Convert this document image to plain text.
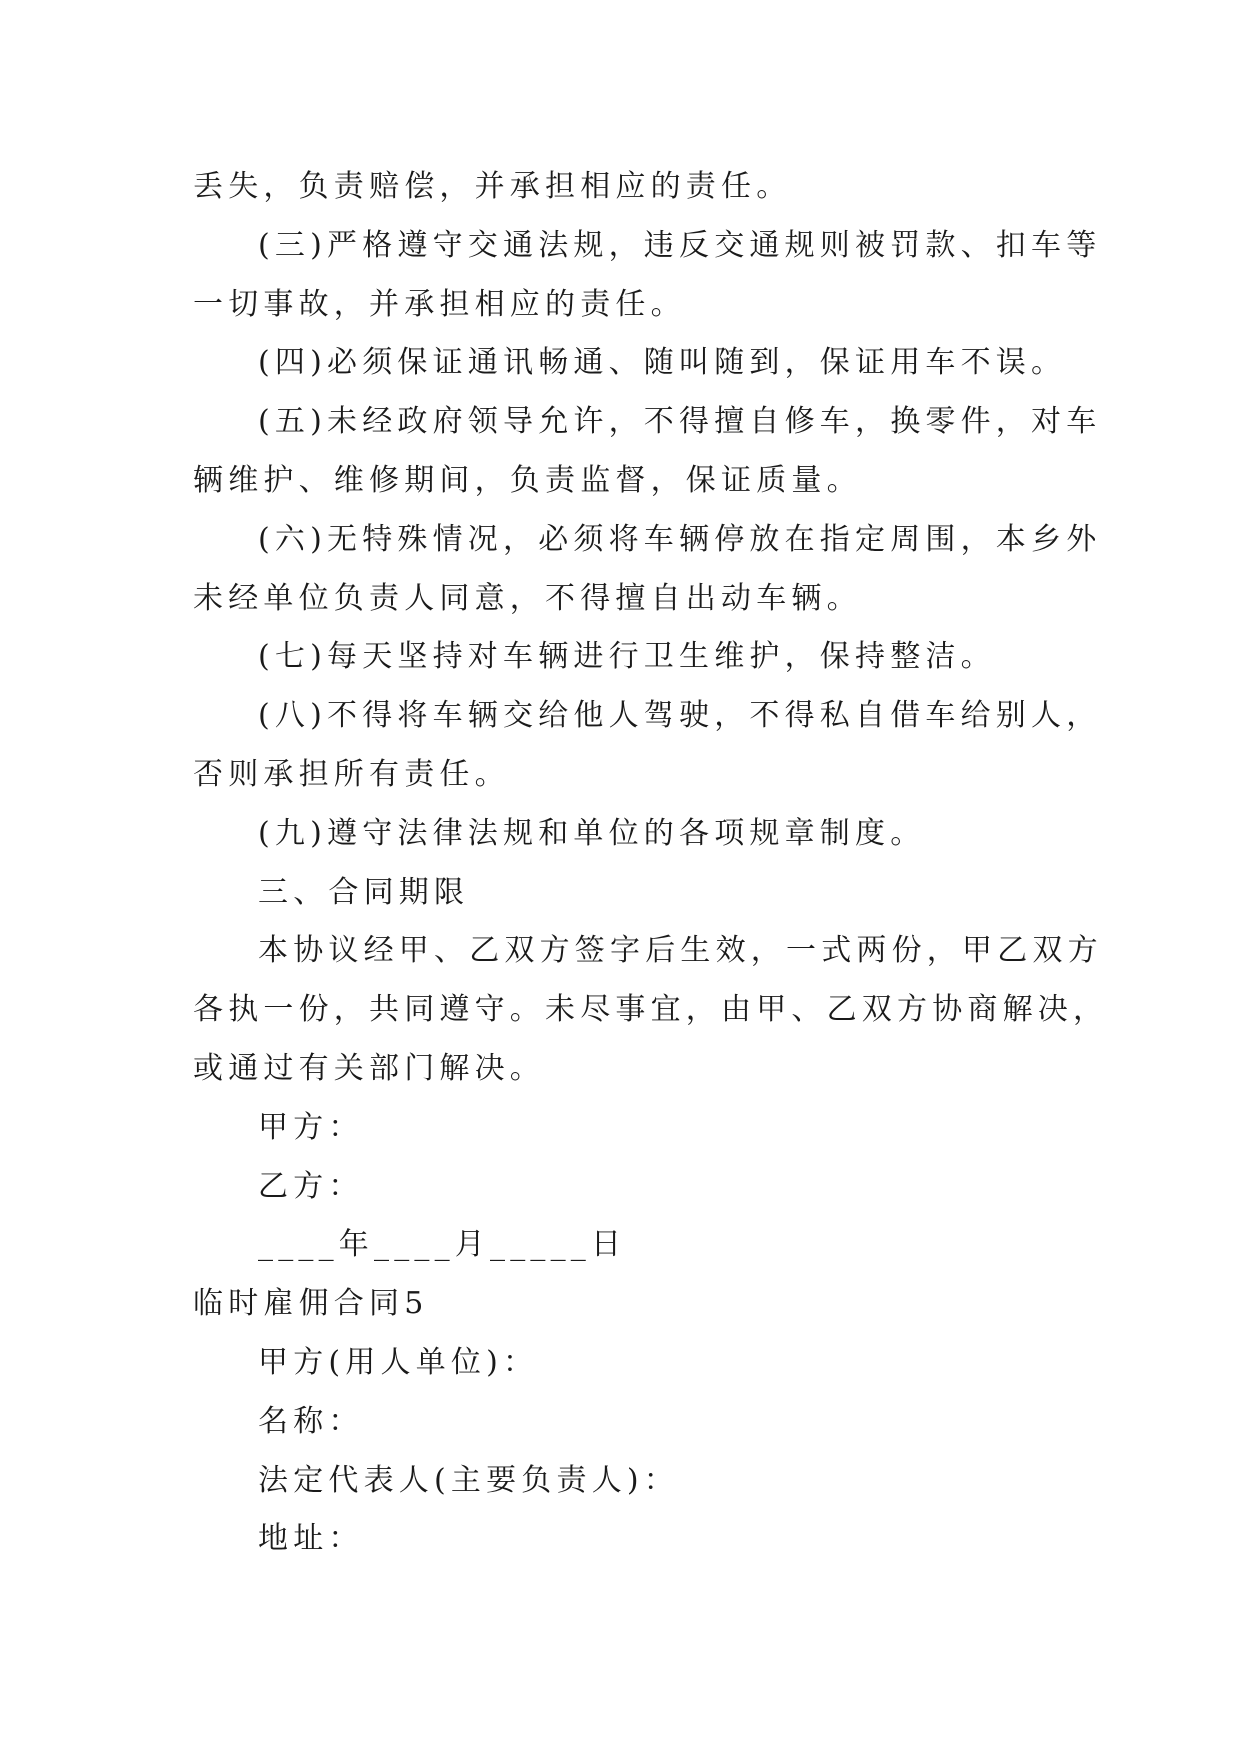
丢失，负责赔偿，并承担相应的责任。

(三)严格遵守交通法规，违反交通规则被罚款、扣车等

一切事故，并承担相应的责任。

(四)必须保证通讯畅通、随叫随到，保证用车不误。

(五)未经政府领导允许，不得擅自修车，换零件，对车

辆维护、维修期间，负责监督，保证质量。

(六)无特殊情况，必须将车辆停放在指定周围，本乡外

未经单位负责人同意，不得擅自出动车辆。

(七)每天坚持对车辆进行卫生维护，保持整洁。

(八)不得将车辆交给他人驾驶，不得私自借车给别人，

否则承担所有责任。

(九)遵守法律法规和单位的各项规章制度。

三、合同期限

本协议经甲、乙双方签字后生效，一式两份，甲乙双方

各执一份，共同遵守。未尽事宜，由甲、乙双方协商解决，

或通过有关部门解决。

甲方：

乙方：

____年____月_____日

临时雇佣合同5

甲方(用人单位)：

名称：

法定代表人(主要负责人)：

地址：
